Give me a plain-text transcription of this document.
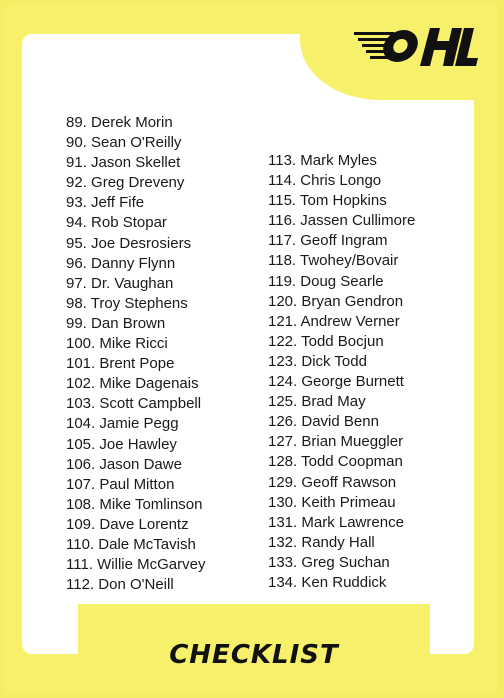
89. Derek Morin
90. Sean O'Reilly
91. Jason Skellet
92. Greg Dreveny
93. Jeff Fife
94. Rob Stopar
95. Joe Desrosiers
96. Danny Flynn
97. Dr. Vaughan
98. Troy Stephens
99. Dan Brown
100. Mike Ricci
101. Brent Pope
102. Mike Dagenais
103. Scott Campbell
104. Jamie Pegg
105. Joe Hawley
106. Jason Dawe
107. Paul Mitton
108. Mike Tomlinson
109. Dave Lorentz
110. Dale McTavish
111. Willie McGarvey
112. Don O'Neill
113. Mark Myles
114. Chris Longo
115. Tom Hopkins
116. Jassen Cullimore
117. Geoff Ingram
118. Twohey/Bovair
119. Doug Searle
120. Bryan Gendron
121. Andrew Verner
122. Todd Bocjun
123. Dick Todd
124. George Burnett
125. Brad May
126. David Benn
127. Brian Mueggler
128. Todd Coopman
129. Geoff Rawson
130. Keith Primeau
131. Mark Lawrence
132. Randy Hall
133. Greg Suchan
134. Ken Ruddick
CHECKLIST
